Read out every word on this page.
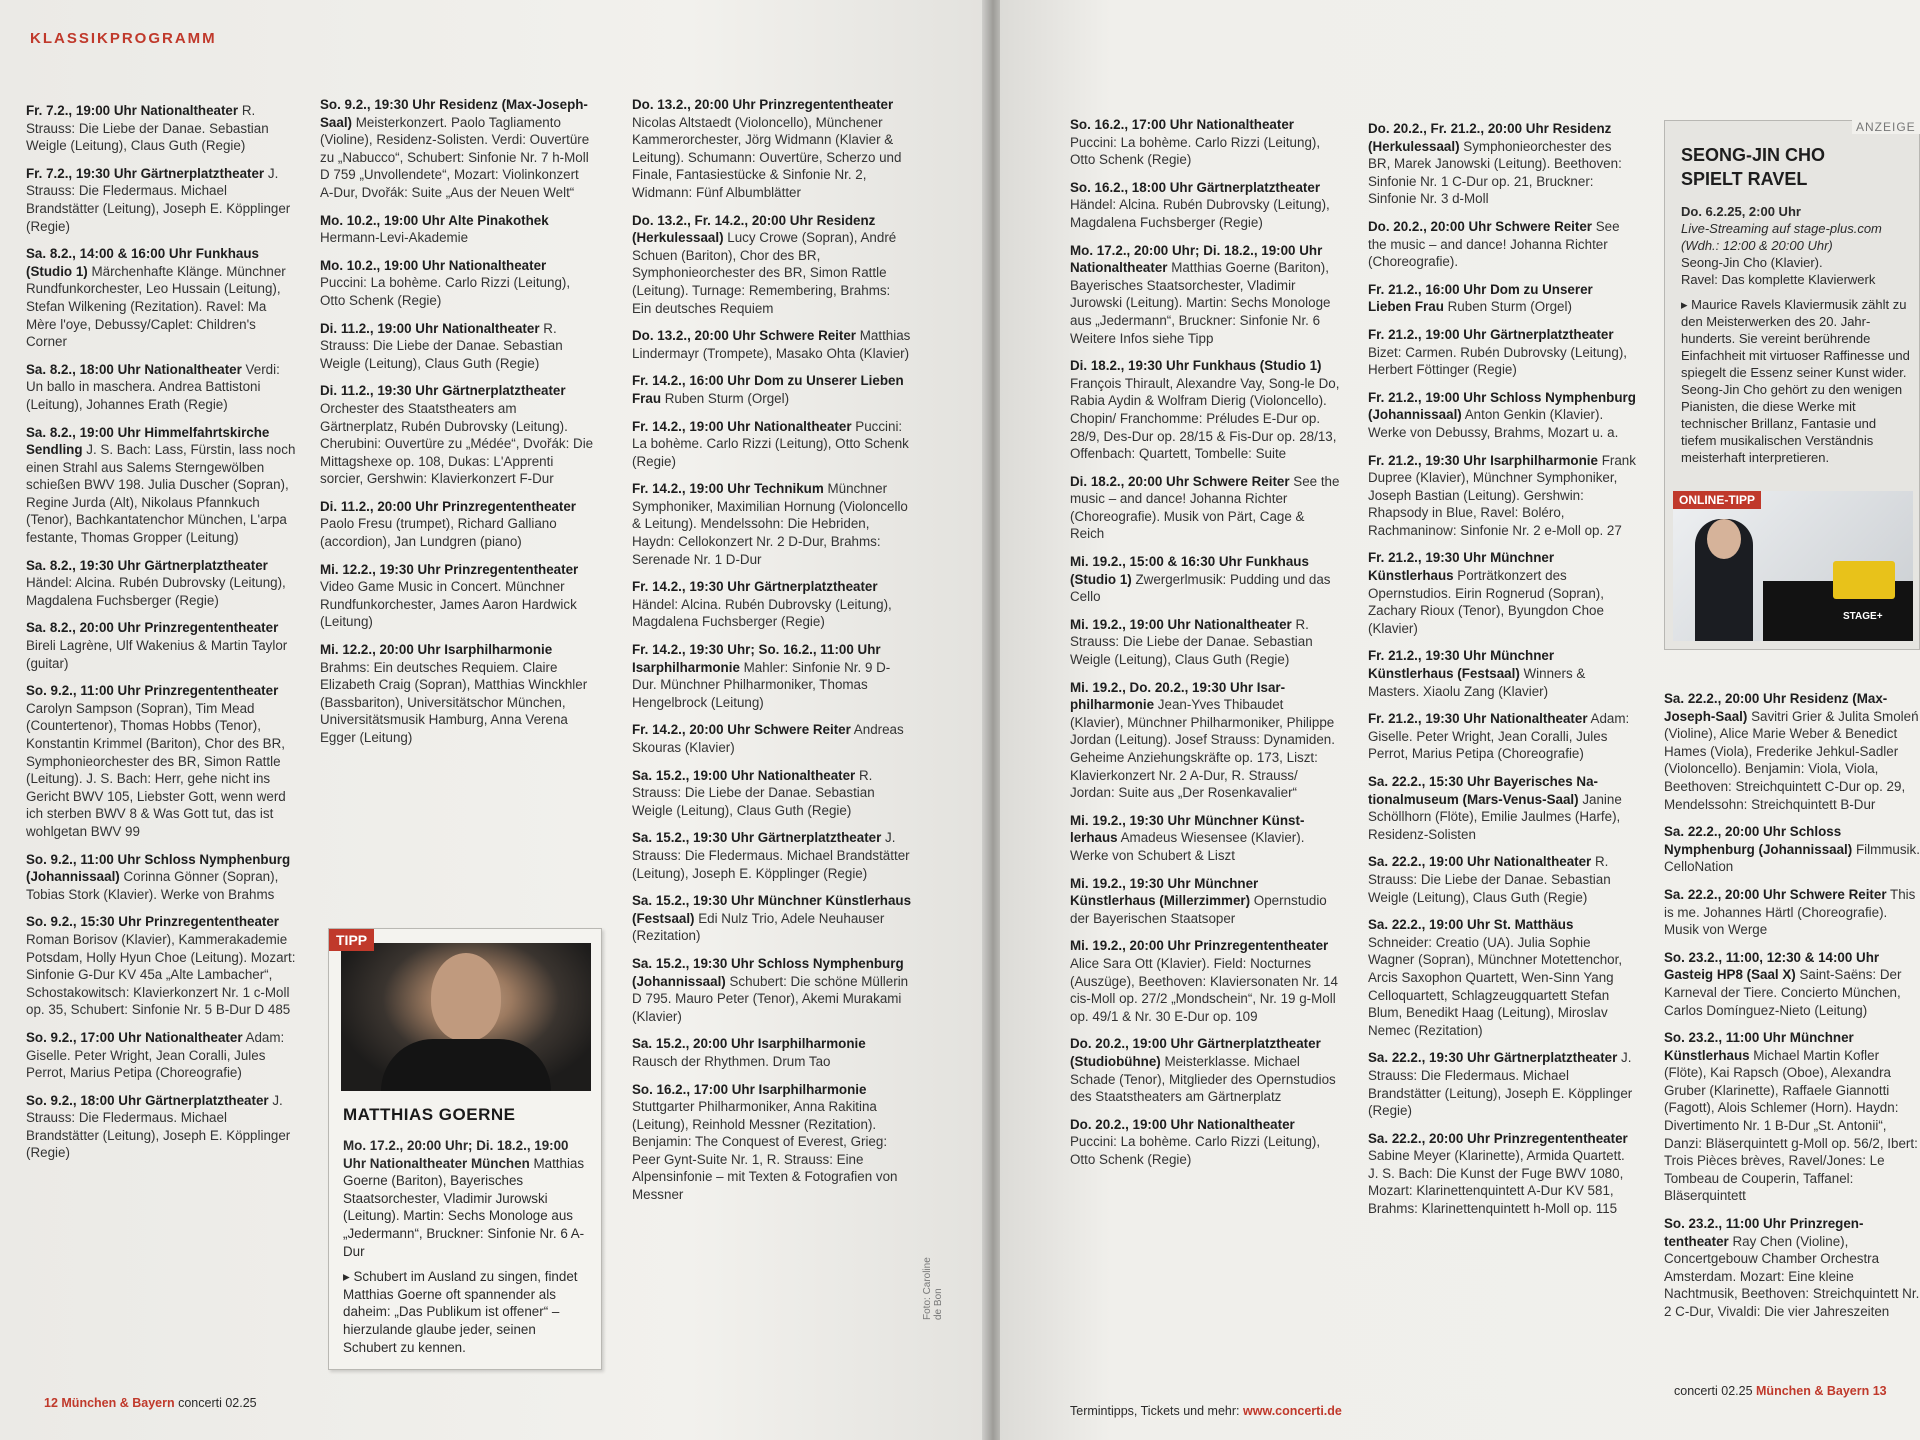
KLASSIKPROGRAMM
Fr. 7.2., 19:00 Uhr Nationaltheater R. Strauss: Die Liebe der Danae. Sebastian Weigle (Leitung), Claus Guth (Regie)
Fr. 7.2., 19:30 Uhr Gärtnerplatztheater J. Strauss: Die Fledermaus. Michael Brandstätter (Leitung), Joseph E. Köpplinger (Regie)
Sa. 8.2., 14:00 & 16:00 Uhr Funkhaus (Studio 1) Märchenhafte Klänge. Münchner Rundfunkorchester, Leo Hussain (Leitung), Stefan Wilkening (Rezitation). Ravel: Ma Mère l'oye, Debussy/Caplet: Children's Corner
Sa. 8.2., 18:00 Uhr Nationaltheater Verdi: Un ballo in maschera. Andrea Battistoni (Leitung), Johannes Erath (Regie)
Sa. 8.2., 19:00 Uhr Himmelfahrtskirche Sendling J. S. Bach: Lass, Fürstin, lass noch einen Strahl aus Salems Sterngewölben schießen BWV 198. Julia Duscher (Sopran), Regine Jurda (Alt), Nikolaus Pfannkuch (Tenor), Bachkantatenchor München, L'arpa festante, Thomas Gropper (Leitung)
Sa. 8.2., 19:30 Uhr Gärtnerplatztheater Händel: Alcina. Rubén Dubrovsky (Leitung), Magdalena Fuchsberger (Regie)
Sa. 8.2., 20:00 Uhr Prinzregententheater Bireli Lagrène, Ulf Wakenius & Martin Taylor (guitar)
So. 9.2., 11:00 Uhr Prinzregententheater Carolyn Sampson (Sopran), Tim Mead (Countertenor), Thomas Hobbs (Tenor), Konstantin Krimmel (Bariton), Chor des BR, Symphonieorchester des BR, Simon Rattle (Leitung). J. S. Bach: Herr, gehe nicht ins Gericht BWV 105, Liebster Gott, wenn werd ich sterben BWV 8 & Was Gott tut, das ist wohlgetan BWV 99
So. 9.2., 11:00 Uhr Schloss Nymphenburg (Johannissaal) Corinna Gönner (Sopran), Tobias Stork (Klavier). Werke von Brahms
So. 9.2., 15:30 Uhr Prinzregententheater Roman Borisov (Klavier), Kammerakademie Potsdam, Holly Hyun Choe (Leitung). Mozart: Sinfonie G-Dur KV 45a „Alte Lambacher“, Schostakowitsch: Klavierkonzert Nr. 1 c-Moll op. 35, Schubert: Sinfonie Nr. 5 B-Dur D 485
So. 9.2., 17:00 Uhr Nationaltheater Adam: Giselle. Peter Wright, Jean Coralli, Jules Perrot, Marius Petipa (Choreografie)
So. 9.2., 18:00 Uhr Gärtnerplatztheater J. Strauss: Die Fledermaus. Michael Brandstätter (Leitung), Joseph E. Köpplinger (Regie)
So. 9.2., 19:30 Uhr Residenz (Max-Joseph-Saal) Meisterkonzert. Paolo Tagliamento (Violine), Residenz-Solisten. Verdi: Ouvertüre zu „Nabucco“, Schubert: Sinfonie Nr. 7 h-Moll D 759 „Unvollendete“, Mozart: Violinkonzert A-Dur, Dvořák: Suite „Aus der Neuen Welt“
Mo. 10.2., 19:00 Uhr Alte Pinakothek Hermann-Levi-Akademie
Mo. 10.2., 19:00 Uhr Nationaltheater Puccini: La bohème. Carlo Rizzi (Leitung), Otto Schenk (Regie)
Di. 11.2., 19:00 Uhr Nationaltheater R. Strauss: Die Liebe der Danae. Sebastian Weigle (Leitung), Claus Guth (Regie)
Di. 11.2., 19:30 Uhr Gärtnerplatztheater Orchester des Staatstheaters am Gärtnerplatz, Rubén Dubrovsky (Leitung). Cherubini: Ouvertüre zu „Médée“, Dvořák: Die Mittagshexe op. 108, Dukas: L'Apprenti sorcier, Gershwin: Klavierkonzert F-Dur
Di. 11.2., 20:00 Uhr Prinzregententheater Paolo Fresu (trumpet), Richard Galliano (accordion), Jan Lundgren (piano)
Mi. 12.2., 19:30 Uhr Prinzregententheater Video Game Music in Concert. Münchner Rundfunkorchester, James Aaron Hardwick (Leitung)
Mi. 12.2., 20:00 Uhr Isarphilharmonie Brahms: Ein deutsches Requiem. Claire Elizabeth Craig (Sopran), Matthias Winckhler (Bassbariton), Universitätschor München, Universitätsmusik Hamburg, Anna Verena Egger (Leitung)
Do. 13.2., 20:00 Uhr Prinzregententheater Nicolas Altstaedt (Violoncello), Münchener Kammerorchester, Jörg Widmann (Klavier & Leitung). Schumann: Ouvertüre, Scherzo und Finale, Fantasiestücke & Sinfonie Nr. 2, Widmann: Fünf Albumblätter
Do. 13.2., Fr. 14.2., 20:00 Uhr Residenz (Herkulessaal) Lucy Crowe (Sopran), André Schuen (Bariton), Chor des BR, Symphonieorchester des BR, Simon Rattle (Leitung). Turnage: Remembering, Brahms: Ein deutsches Requiem
Do. 13.2., 20:00 Uhr Schwere Reiter Matthias Lindermayr (Trompete), Masako Ohta (Klavier)
Fr. 14.2., 16:00 Uhr Dom zu Unserer Lieben Frau Ruben Sturm (Orgel)
Fr. 14.2., 19:00 Uhr Nationaltheater Puccini: La bohème. Carlo Rizzi (Leitung), Otto Schenk (Regie)
Fr. 14.2., 19:00 Uhr Technikum Münchner Symphoniker, Maximilian Hornung (Violoncello & Leitung). Mendelssohn: Die Hebriden, Haydn: Cellokonzert Nr. 2 D-Dur, Brahms: Serenade Nr. 1 D-Dur
Fr. 14.2., 19:30 Uhr Gärtnerplatztheater Händel: Alcina. Rubén Dubrovsky (Leitung), Magdalena Fuchsberger (Regie)
Fr. 14.2., 19:30 Uhr; So. 16.2., 11:00 Uhr Isarphilharmonie Mahler: Sinfonie Nr. 9 D-Dur. Münchner Philharmoniker, Thomas Hengelbrock (Leitung)
Fr. 14.2., 20:00 Uhr Schwere Reiter Andreas Skouras (Klavier)
Sa. 15.2., 19:00 Uhr Nationaltheater R. Strauss: Die Liebe der Danae. Sebastian Weigle (Leitung), Claus Guth (Regie)
Sa. 15.2., 19:30 Uhr Gärtnerplatztheater J. Strauss: Die Fledermaus. Michael Brandstätter (Leitung), Joseph E. Köpplinger (Regie)
Sa. 15.2., 19:30 Uhr Münchner Künstlerhaus (Festsaal) Edi Nulz Trio, Adele Neuhauser (Rezitation)
Sa. 15.2., 19:30 Uhr Schloss Nymphenburg (Johannissaal) Schubert: Die schöne Müllerin D 795. Mauro Peter (Tenor), Akemi Murakami (Klavier)
Sa. 15.2., 20:00 Uhr Isarphilharmonie Rausch der Rhythmen. Drum Tao
So. 16.2., 17:00 Uhr Isarphilharmonie Stuttgarter Philharmoniker, Anna Rakitina (Leitung), Reinhold Messner (Rezitation). Benjamin: The Conquest of Everest, Grieg: Peer Gynt-Suite Nr. 1, R. Strauss: Eine Alpensinfonie – mit Texten & Fotografien von Messner
TIPP
MATTHIAS GOERNE
Mo. 17.2., 20:00 Uhr; Di. 18.2., 19:00 Uhr Nationaltheater München Matthias Goerne (Bariton), Bayerisches Staatsorchester, Vladimir Jurowski (Leitung). Martin: Sechs Monologe aus „Jedermann“, Bruckner: Sinfonie Nr. 6 A-Dur
▸ Schubert im Ausland zu singen, findet Matthias Goerne oft spannender als daheim: „Das Publikum ist offener“ – hierzulande glaube jeder, seinen Schubert zu kennen.
Foto: Caroline de Bon
12 München & Bayern concerti 02.25
So. 16.2., 17:00 Uhr Nationaltheater Puccini: La bohème. Carlo Rizzi (Leitung), Otto Schenk (Regie)
So. 16.2., 18:00 Uhr Gärtnerplatztheater Händel: Alcina. Rubén Dubrovsky (Leitung), Magdalena Fuchsberger (Regie)
Mo. 17.2., 20:00 Uhr; Di. 18.2., 19:00 Uhr Nationaltheater Matthias Goerne (Bariton), Bayerisches Staatsorchester, Vladimir Jurowski (Leitung). Martin: Sechs Monologe aus „Jedermann“, Bruckner: Sinfonie Nr. 6 Weitere Infos siehe Tipp
Di. 18.2., 19:30 Uhr Funkhaus (Studio 1) François Thirault, Alexandre Vay, Song-le Do, Rabia Aydin & Wolfram Dierig (Violoncello). Chopin/ Franchomme: Préludes E-Dur op. 28/9, Des-Dur op. 28/15 & Fis-Dur op. 28/13, Offenbach: Quartett, Tombelle: Suite
Di. 18.2., 20:00 Uhr Schwere Reiter See the music – and dance! Johanna Richter (Choreografie). Musik von Pärt, Cage & Reich
Mi. 19.2., 15:00 & 16:30 Uhr Funkhaus (Studio 1) Zwergerlmusik: Pudding und das Cello
Mi. 19.2., 19:00 Uhr Nationaltheater R. Strauss: Die Liebe der Danae. Sebastian Weigle (Leitung), Claus Guth (Regie)
Mi. 19.2., Do. 20.2., 19:30 Uhr Isarphilharmonie Jean-Yves Thibaudet (Klavier), Münchner Philharmoniker, Philippe Jordan (Leitung). Josef Strauss: Dynamiden. Geheime Anziehungskräfte op. 173, Liszt: Klavierkonzert Nr. 2 A-Dur, R. Strauss/ Jordan: Suite aus „Der Rosenkavalier“
Mi. 19.2., 19:30 Uhr Münchner Künstlerhaus Amadeus Wiesensee (Klavier). Werke von Schubert & Liszt
Mi. 19.2., 19:30 Uhr Münchner Künstlerhaus (Millerzimmer) Opernstudio der Bayerischen Staatsoper
Mi. 19.2., 20:00 Uhr Prinzregententheater Alice Sara Ott (Klavier). Field: Nocturnes (Auszüge), Beethoven: Klaviersonaten Nr. 14 cis-Moll op. 27/2 „Mondschein“, Nr. 19 g-Moll op. 49/1 & Nr. 30 E-Dur op. 109
Do. 20.2., 19:00 Uhr Gärtnerplatztheater (Studiobühne) Meisterklasse. Michael Schade (Tenor), Mitglieder des Opernstudios des Staatstheaters am Gärtnerplatz
Do. 20.2., 19:00 Uhr Nationaltheater Puccini: La bohème. Carlo Rizzi (Leitung), Otto Schenk (Regie)
Do. 20.2., Fr. 21.2., 20:00 Uhr Residenz (Herkulessaal) Symphonieorchester des BR, Marek Janowski (Leitung). Beethoven: Sinfonie Nr. 1 C-Dur op. 21, Bruckner: Sinfonie Nr. 3 d-Moll
Do. 20.2., 20:00 Uhr Schwere Reiter See the music – and dance! Johanna Richter (Choreografie).
Fr. 21.2., 16:00 Uhr Dom zu Unserer Lieben Frau Ruben Sturm (Orgel)
Fr. 21.2., 19:00 Uhr Gärtnerplatztheater Bizet: Carmen. Rubén Dubrovsky (Leitung), Herbert Föttinger (Regie)
Fr. 21.2., 19:00 Uhr Schloss Nymphenburg (Johannissaal) Anton Genkin (Klavier). Werke von Debussy, Brahms, Mozart u. a.
Fr. 21.2., 19:30 Uhr Isarphilharmonie Frank Dupree (Klavier), Münchner Symphoniker, Joseph Bastian (Leitung). Gershwin: Rhapsody in Blue, Ravel: Boléro, Rachmaninow: Sinfonie Nr. 2 e-Moll op. 27
Fr. 21.2., 19:30 Uhr Münchner Künstlerhaus Porträtkonzert des Opernstudios. Eirin Rognerud (Sopran), Zachary Rioux (Tenor), Byungdon Choe (Klavier)
Fr. 21.2., 19:30 Uhr Münchner Künstlerhaus (Festsaal) Winners & Masters. Xiaolu Zang (Klavier)
Fr. 21.2., 19:30 Uhr Nationaltheater Adam: Giselle. Peter Wright, Jean Coralli, Jules Perrot, Marius Petipa (Choreografie)
Sa. 22.2., 15:30 Uhr Bayerisches Nationalmuseum (Mars-Venus-Saal) Janine Schöllhorn (Flöte), Emilie Jaulmes (Harfe), Residenz-Solisten
Sa. 22.2., 19:00 Uhr Nationaltheater R. Strauss: Die Liebe der Danae. Sebastian Weigle (Leitung), Claus Guth (Regie)
Sa. 22.2., 19:00 Uhr St. Matthäus Schneider: Creatio (UA). Julia Sophie Wagner (Sopran), Münchner Motettenchor, Arcis Saxophon Quartett, Wen-Sinn Yang Celloquartett, Schlagzeugquartett Stefan Blum, Benedikt Haag (Leitung), Miroslav Nemec (Rezitation)
Sa. 22.2., 19:30 Uhr Gärtnerplatztheater J. Strauss: Die Fledermaus. Michael Brandstätter (Leitung), Joseph E. Köpplinger (Regie)
Sa. 22.2., 20:00 Uhr Prinzregententheater Sabine Meyer (Klarinette), Armida Quartett. J. S. Bach: Die Kunst der Fuge BWV 1080, Mozart: Klarinettenquintett A-Dur KV 581, Brahms: Klarinettenquintett h-Moll op. 115
SEONG-JIN CHO
SPIELT RAVEL
Do. 6.2.25, 2:00 Uhr
Live-Streaming auf stage-plus.com
(Wdh.: 12:00 & 20:00 Uhr)
Seong-Jin Cho (Klavier).
Ravel: Das komplette Klavierwerk
▸ Maurice Ravels Klaviermusik zählt zu den Meisterwerken des 20. Jahrhunderts. Sie vereint berührende Einfachheit mit virtuoser Raffinesse und spiegelt die Essenz seiner Kunst wider. Seong-Jin Cho gehört zu den wenigen Pianisten, die diese Werke mit technischer Brillanz, Fantasie und tiefem musikalischen Verständnis meisterhaft interpretieren.
STAGE+
ONLINE-TIPP
ANZEIGE
Sa. 22.2., 20:00 Uhr Residenz (Max-Joseph-Saal) Savitri Grier & Julita Smoleń (Violine), Alice Marie Weber & Benedict Hames (Viola), Frederike Jehkul-Sadler (Violoncello). Benjamin: Viola, Viola, Beethoven: Streichquintett C-Dur op. 29, Mendelssohn: Streichquintett B-Dur
Sa. 22.2., 20:00 Uhr Schloss Nymphenburg (Johannissaal) Filmmusik. CelloNation
Sa. 22.2., 20:00 Uhr Schwere Reiter This is me. Johannes Härtl (Choreografie). Musik von Werge
So. 23.2., 11:00, 12:30 & 14:00 Uhr Gasteig HP8 (Saal X) Saint-Saëns: Der Karneval der Tiere. Concierto München, Carlos Domínguez-Nieto (Leitung)
So. 23.2., 11:00 Uhr Münchner Künstlerhaus Michael Martin Kofler (Flöte), Kai Rapsch (Oboe), Alexandra Gruber (Klarinette), Raffaele Giannotti (Fagott), Alois Schlemer (Horn). Haydn: Divertimento Nr. 1 B-Dur „St. Antonii“, Danzi: Bläserquintett g-Moll op. 56/2, Ibert: Trois Pièces brèves, Ravel/Jones: Le Tombeau de Couperin, Taffanel: Bläserquintett
So. 23.2., 11:00 Uhr Prinzregententheater Ray Chen (Violine), Concertgebouw Chamber Orchestra Amsterdam. Mozart: Eine kleine Nachtmusik, Beethoven: Streichquintett Nr. 2 C-Dur, Vivaldi: Die vier Jahreszeiten
Termintipps, Tickets und mehr: www.concerti.de
concerti 02.25 München & Bayern 13
